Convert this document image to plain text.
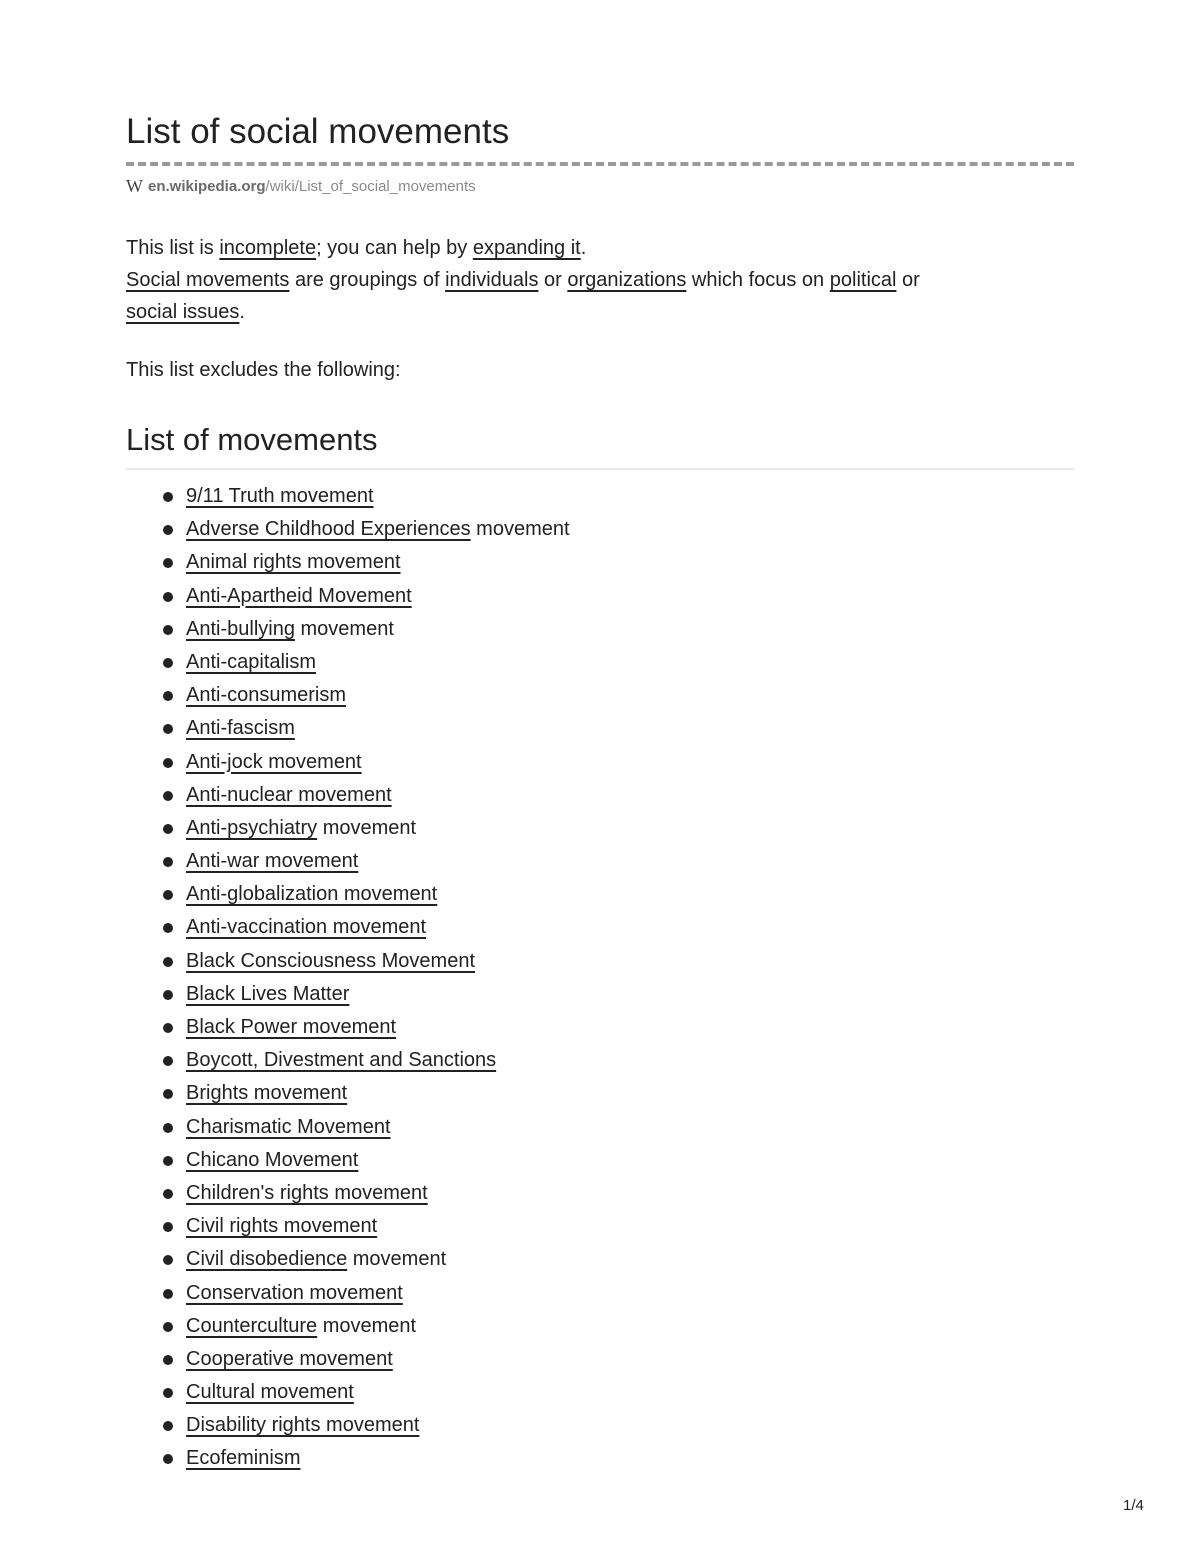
List of social movements
W en.wikipedia.org /wiki/List_of_social_movements

This list is incomplete; you can help by expanding it.

Social movements are groupings of individuals or organizations which focus on political or
social issues.

This list excludes the following:

List of movements
9/11 Truth movement
Adverse Childhood Experiences movement
Animal rights movement
Anti-Apartheid Movement
Anti-bullying movement
Anti-capitalism
Anti-consumerism
Anti-fascism
Anti-jock movement
Anti-nuclear movement
Anti-psychiatry movement
Anti-war movement
Anti-globalization movement
Anti-vaccination movement
Black Consciousness Movement
Black Lives Matter
Black Power movement
Boycott, Divestment and Sanctions
Brights movement
Charismatic Movement
Chicano Movement
Children's rights movement
Civil rights movement
Civil disobedience movement
Conservation movement
Counterculture movement
Cooperative movement
Cultural movement
Disability rights movement
Ecofeminism
1/4
